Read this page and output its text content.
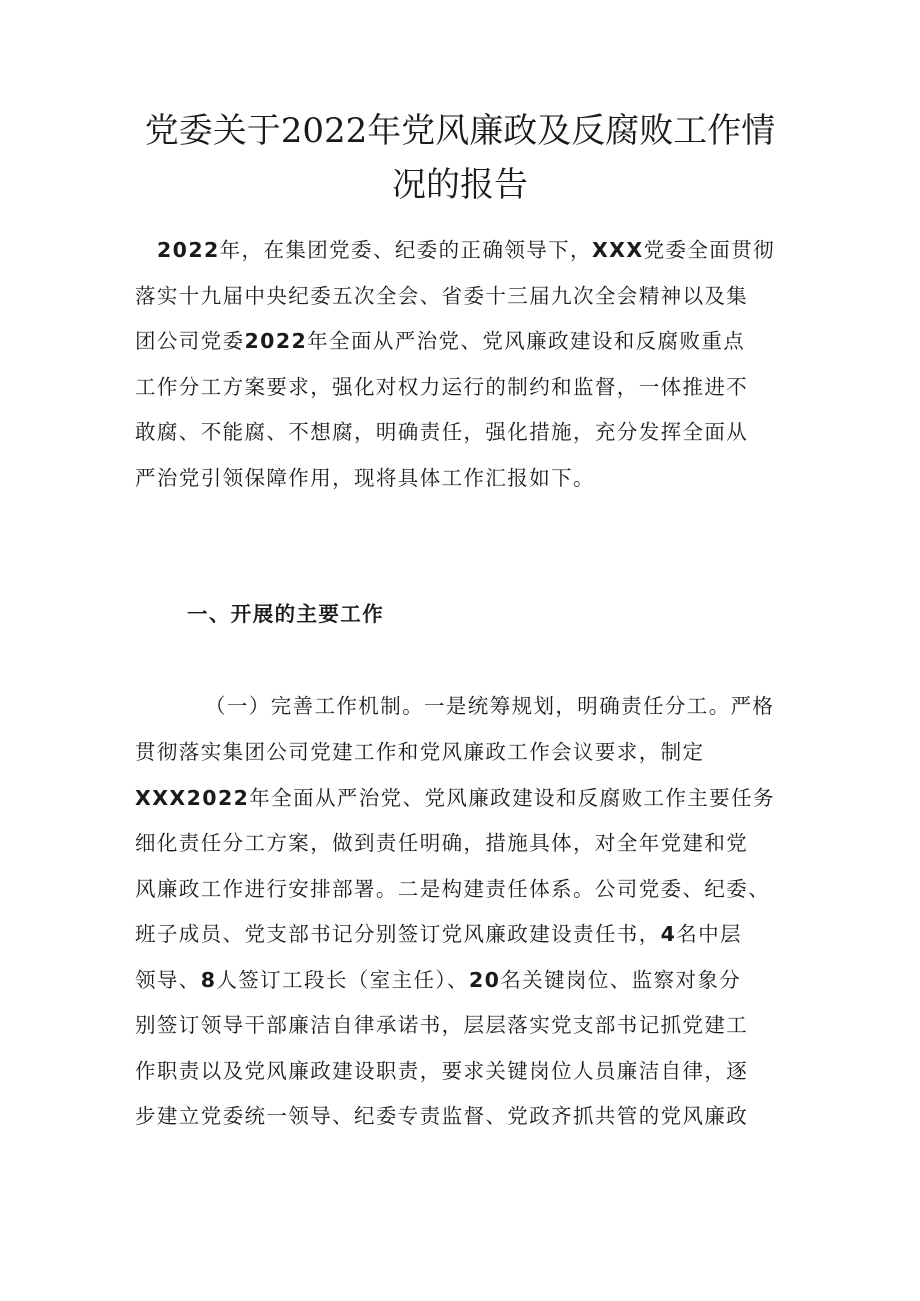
党委关于2022年党风廉政及反腐败工作情
况的报告
2022年，在集团党委、纪委的正确领导下，XXX党委全面贯彻
落实十九届中央纪委五次全会、省委十三届九次全会精神以及集
团公司党委2022年全面从严治党、党风廉政建设和反腐败重点
工作分工方案要求，强化对权力运行的制约和监督，一体推进不
敢腐、不能腐、不想腐，明确责任，强化措施，充分发挥全面从
严治党引领保障作用，现将具体工作汇报如下。
一、开展的主要工作
（一）完善工作机制。一是统筹规划，明确责任分工。严格
贯彻落实集团公司党建工作和党风廉政工作会议要求，制定
XXX2022年全面从严治党、党风廉政建设和反腐败工作主要任务
细化责任分工方案，做到责任明确，措施具体，对全年党建和党
风廉政工作进行安排部署。二是构建责任体系。公司党委、纪委、
班子成员、党支部书记分别签订党风廉政建设责任书，4名中层
领导、8人签订工段长（室主任）、20名关键岗位、监察对象分
别签订领导干部廉洁自律承诺书，层层落实党支部书记抓党建工
作职责以及党风廉政建设职责，要求关键岗位人员廉洁自律，逐
步建立党委统一领导、纪委专责监督、党政齐抓共管的党风廉政
